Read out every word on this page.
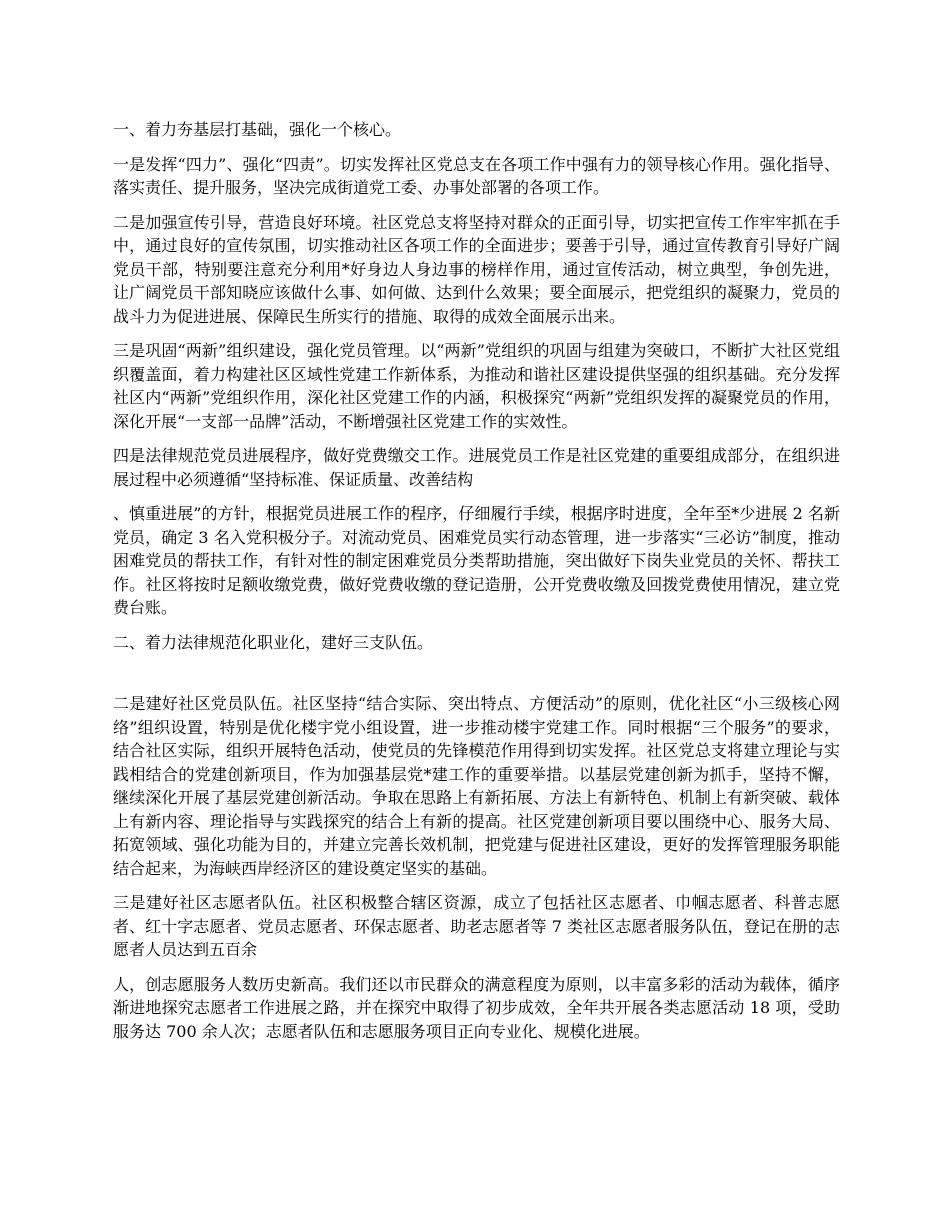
一、着力夯基层打基础，强化一个核心。

一是发挥“四力”、强化“四责”。切实发挥社区党总支在各项工作中强有力的领导核心作用。强化指导、落实责任、提升服务，坚决完成街道党工委、办事处部署的各项工作。

二是加强宣传引导，营造良好环境。社区党总支将坚持对群众的正面引导，切实把宣传工作牢牢抓在手中，通过良好的宣传氛围，切实推动社区各项工作的全面进步；要善于引导，通过宣传教育引导好广阔党员干部，特别要注意充分利用*好身边人身边事的榜样作用，通过宣传活动，树立典型，争创先进，让广阔党员干部知晓应该做什么事、如何做、达到什么效果；要全面展示，把党组织的凝聚力，党员的战斗力为促进进展、保障民生所实行的措施、取得的成效全面展示出来。

三是巩固“两新”组织建设，强化党员管理。以“两新”党组织的巩固与组建为突破口，不断扩大社区党组织覆盖面，着力构建社区区域性党建工作新体系，为推动和谐社区建设提供坚强的组织基础。充分发挥社区内“两新”党组织作用，深化社区党建工作的内涵，积极探究“两新”党组织发挥的凝聚党员的作用，深化开展“一支部一品牌”活动，不断增强社区党建工作的实效性。

四是法律规范党员进展程序，做好党费缴交工作。进展党员工作是社区党建的重要组成部分，在组织进展过程中必须遵循“坚持标准、保证质量、改善结构

、慎重进展”的方针，根据党员进展工作的程序，仔细履行手续，根据序时进度，全年至*少进展 2 名新党员，确定 3 名入党积极分子。对流动党员、困难党员实行动态管理，进一步落实“三必访”制度，推动困难党员的帮扶工作，有针对性的制定困难党员分类帮助措施，突出做好下岗失业党员的关怀、帮扶工作。社区将按时足额收缴党费，做好党费收缴的登记造册，公开党费收缴及回拨党费使用情况，建立党费台账。

二、着力法律规范化职业化，建好三支队伍。

二是建好社区党员队伍。社区坚持“结合实际、突出特点、方便活动”的原则，优化社区“小三级核心网络”组织设置，特别是优化楼宇党小组设置，进一步推动楼宇党建工作。同时根据“三个服务”的要求，结合社区实际，组织开展特色活动，使党员的先锋模范作用得到切实发挥。社区党总支将建立理论与实践相结合的党建创新项目，作为加强基层党*建工作的重要举措。以基层党建创新为抓手，坚持不懈，继续深化开展了基层党建创新活动。争取在思路上有新拓展、方法上有新特色、机制上有新突破、载体上有新内容、理论指导与实践探究的结合上有新的提高。社区党建创新项目要以围绕中心、服务大局、拓宽领域、强化功能为目的，并建立完善长效机制，把党建与促进社区建设，更好的发挥管理服务职能结合起来，为海峡西岸经济区的建设奠定坚实的基础。

三是建好社区志愿者队伍。社区积极整合辖区资源，成立了包括社区志愿者、巾帼志愿者、科普志愿者、红十字志愿者、党员志愿者、环保志愿者、助老志愿者等 7 类社区志愿者服务队伍，登记在册的志愿者人员达到五百余

人，创志愿服务人数历史新高。我们还以市民群众的满意程度为原则，以丰富多彩的活动为载体，循序渐进地探究志愿者工作进展之路，并在探究中取得了初步成效，全年共开展各类志愿活动 18 项，受助服务达 700 余人次；志愿者队伍和志愿服务项目正向专业化、规模化进展。
